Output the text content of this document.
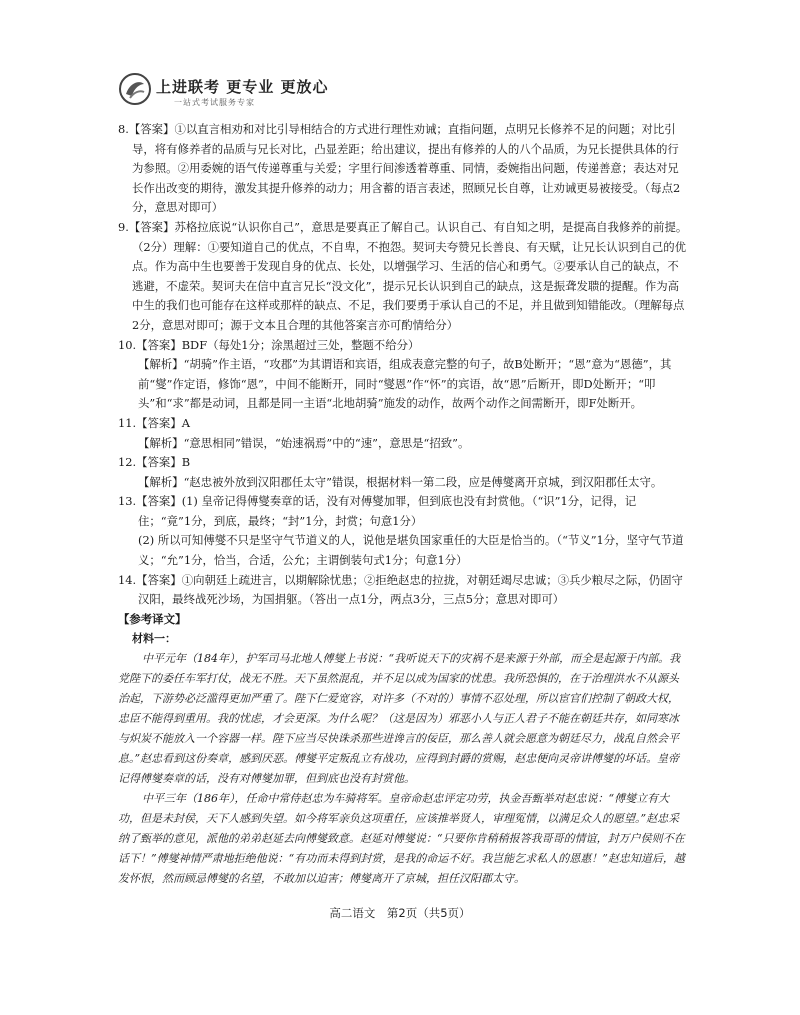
上进联考 更专业 更放心
一站式考试服务专家

8.【答案】①以直言相劝和对比引导相结合的方式进行理性劝诫；直指问题，点明兄长修养不足的问题；对比引导，将有修养者的品质与兄长对比，凸显差距；给出建议，提出有修养的人的八个品质，为兄长提供具体的行为参照。②用委婉的语气传递尊重与关爱；字里行间渗透着尊重、同情，委婉指出问题，传递善意；表达对兄长作出改变的期待，激发其提升修养的动力；用含蓄的语言表述，照顾兄长自尊，让劝诫更易被接受。（每点2分，意思对即可）

9.【答案】苏格拉底说“认识你自己”，意思是要真正了解自己。认识自己、有自知之明，是提高自我修养的前提。（2分）理解：①要知道自己的优点，不自卑，不抱怨。契诃夫夸赞兄长善良、有天赋，让兄长认识到自己的优点。作为高中生也要善于发现自身的优点、长处，以增强学习、生活的信心和勇气。②要承认自己的缺点，不逃避，不虚荣。契诃夫在信中直言兄长“没文化”，提示兄长认识到自己的缺点，这是振聋发聩的提醒。作为高中生的我们也可能存在这样或那样的缺点、不足，我们要勇于承认自己的不足，并且做到知错能改。（理解每点2分，意思对即可；源于文本且合理的其他答案言亦可酌情给分）

10.【答案】BDF（每处1分；涂黑超过三处，整题不给分）

【解析】“胡骑”作主语，“攻郡”为其谓语和宾语，组成表意完整的句子，故B处断开；“恩”意为“恩德”，其前“燮”作定语，修饰“恩”，中间不能断开，同时“燮恩”作“怀”的宾语，故“恩”后断开，即D处断开；“叩头”和“求”都是动词，且都是同一主语“北地胡骑”施发的动作，故两个动作之间需断开，即F处断开。

11.【答案】A

【解析】“意思相同”错误，“始速祸焉”中的“速”，意思是“招致”。

12.【答案】B

【解析】“赵忠被外放到汉阳郡任太守”错误，根据材料一第二段，应是傅燮离开京城，到汉阳郡任太守。

13.【答案】(1) 皇帝记得傅燮奏章的话，没有对傅燮加罪，但到底也没有封赏他。（“识”1分，记得，记住；“竟”1分，到底，最终；“封”1分，封赏；句意1分）

(2) 所以可知傅燮不只是坚守气节道义的人，说他是堪负国家重任的大臣是恰当的。（“节义”1分，坚守气节道义；“允”1分，恰当，合适，公允；主谓倒装句式1分；句意1分）

14.【答案】①向朝廷上疏进言，以期解除忧患；②拒绝赵忠的拉拢，对朝廷竭尽忠诚；③兵少粮尽之际，仍固守汉阳，最终战死沙场，为国捐躯。（答出一点1分，两点3分，三点5分；意思对即可）

【参考译文】

材料一：

中平元年（184年），护军司马北地人傅燮上书说：“我听说天下的灾祸不是来源于外部，而全是起源于内部。我党陛下的委任车军打仗，战无不胜。天下虽然混乱，并不足以成为国家的忧患。我所恐惧的，在于治理洪水不从源头治起，下游势必泛滥得更加严重了。陛下仁爱宽容，对许多（不对的）事情不忍处理，所以宦官们控制了朝政大权，忠臣不能得到重用。我的忧虑，才会更深。为什么呢？（这是因为）邪恶小人与正人君子不能在朝廷共存，如同寒冰与炽炭不能放入一个容器一样。陛下应当尽快诛杀那些进谗言的佞臣，那么善人就会愿意为朝廷尽力，战乱自然会平息。”赵忠看到这份奏章，感到厌恶。傅燮平定叛乱立有战功，应得到封爵的赏赐，赵忠便向灵帝讲傅燮的坏话。皇帝记得傅燮奏章的话，没有对傅燮加罪，但到底也没有封赏他。

中平三年（186年），任命中常侍赵忠为车骑将军。皇帝命赵忠评定功劳，执金吾甄举对赵忠说：“傅燮立有大功，但是未封侯，天下人感到失望。如今将军亲负这项重任，应该推举贤人，审理冤情，以满足众人的愿望。”赵忠采纳了甄举的意见，派他的弟弟赵延去向傅燮致意。赵延对傅燮说：“只要你肯稍稍报答我哥哥的情谊，封万户侯则不在话下！”傅燮神情严肃地拒绝他说：“有功而未得到封赏，是我的命运不好。我岂能乞求私人的恩惠！”赵忠知道后，越发怀恨，然而顾忌傅燮的名望，不敢加以迫害；傅燮离开了京城，担任汉阳郡太守。

高二语文　第2页（共5页）
